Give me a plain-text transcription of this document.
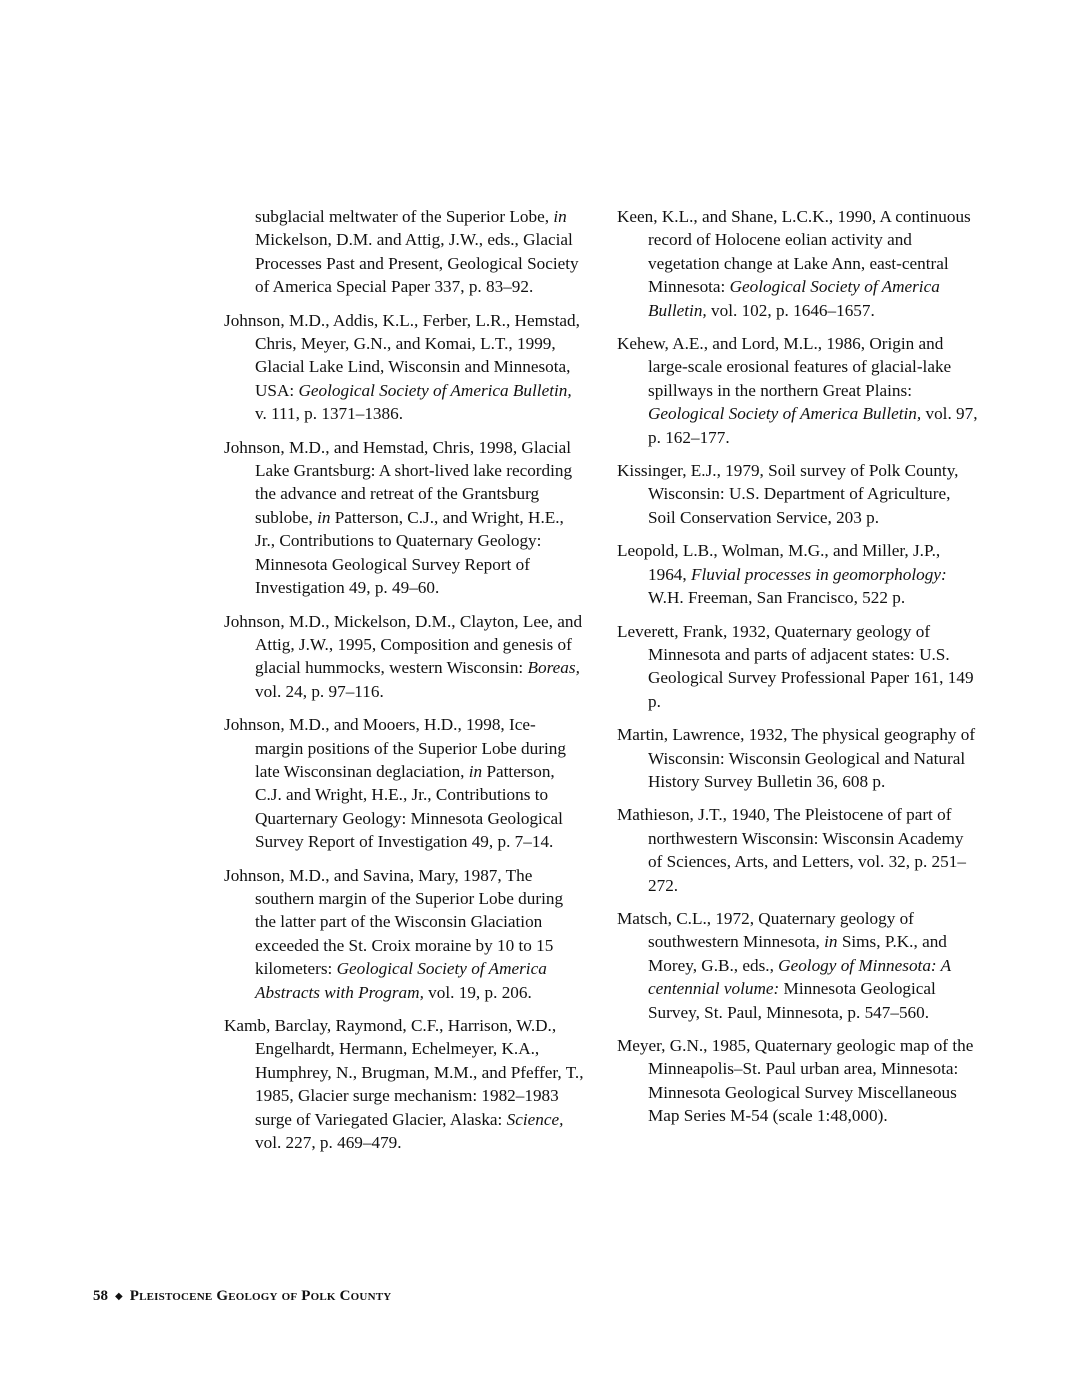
subglacial meltwater of the Superior Lobe, in Mickelson, D.M. and Attig, J.W., eds., Glacial Processes Past and Present, Geological Society of America Special Paper 337, p. 83–92.

Johnson, M.D., Addis, K.L., Ferber, L.R., Hemstad, Chris, Meyer, G.N., and Komai, L.T., 1999, Glacial Lake Lind, Wisconsin and Minnesota, USA: Geological Society of America Bulletin, v. 111, p. 1371–1386.

Johnson, M.D., and Hemstad, Chris, 1998, Glacial Lake Grantsburg: A short-lived lake recording the advance and retreat of the Grantsburg sublobe, in Patterson, C.J., and Wright, H.E., Jr., Contributions to Quaternary Geology: Minnesota Geological Survey Report of Investigation 49, p. 49–60.

Johnson, M.D., Mickelson, D.M., Clayton, Lee, and Attig, J.W., 1995, Composition and genesis of glacial hummocks, western Wisconsin: Boreas, vol. 24, p. 97–116.

Johnson, M.D., and Mooers, H.D., 1998, Ice-margin positions of the Superior Lobe during late Wisconsinan deglaciation, in Patterson, C.J. and Wright, H.E., Jr., Contributions to Quarternary Geology: Minnesota Geological Survey Report of Investigation 49, p. 7–14.

Johnson, M.D., and Savina, Mary, 1987, The southern margin of the Superior Lobe during the latter part of the Wisconsin Glaciation exceeded the St. Croix moraine by 10 to 15 kilometers: Geological Society of America Abstracts with Program, vol. 19, p. 206.

Kamb, Barclay, Raymond, C.F., Harrison, W.D., Engelhardt, Hermann, Echelmeyer, K.A., Humphrey, N., Brugman, M.M., and Pfeffer, T., 1985, Glacier surge mechanism: 1982–1983 surge of Variegated Glacier, Alaska: Science, vol. 227, p. 469–479.

Keen, K.L., and Shane, L.C.K., 1990, A continuous record of Holocene eolian activity and vegetation change at Lake Ann, east-central Minnesota: Geological Society of America Bulletin, vol. 102, p. 1646–1657.

Kehew, A.E., and Lord, M.L., 1986, Origin and large-scale erosional features of glacial-lake spillways in the northern Great Plains: Geological Society of America Bulletin, vol. 97, p. 162–177.

Kissinger, E.J., 1979, Soil survey of Polk County, Wisconsin: U.S. Department of Agriculture, Soil Conservation Service, 203 p.

Leopold, L.B., Wolman, M.G., and Miller, J.P., 1964, Fluvial processes in geomorphology: W.H. Freeman, San Francisco, 522 p.

Leverett, Frank, 1932, Quaternary geology of Minnesota and parts of adjacent states: U.S. Geological Survey Professional Paper 161, 149 p.

Martin, Lawrence, 1932, The physical geography of Wisconsin: Wisconsin Geological and Natural History Survey Bulletin 36, 608 p.

Mathieson, J.T., 1940, The Pleistocene of part of northwestern Wisconsin: Wisconsin Academy of Sciences, Arts, and Letters, vol. 32, p. 251–272.

Matsch, C.L., 1972, Quaternary geology of southwestern Minnesota, in Sims, P.K., and Morey, G.B., eds., Geology of Minnesota: A centennial volume: Minnesota Geological Survey, St. Paul, Minnesota, p. 547–560.

Meyer, G.N., 1985, Quaternary geologic map of the Minneapolis–St. Paul urban area, Minnesota: Minnesota Geological Survey Miscellaneous Map Series M-54 (scale 1:48,000).

58 ◆ Pleistocene Geology of Polk County
